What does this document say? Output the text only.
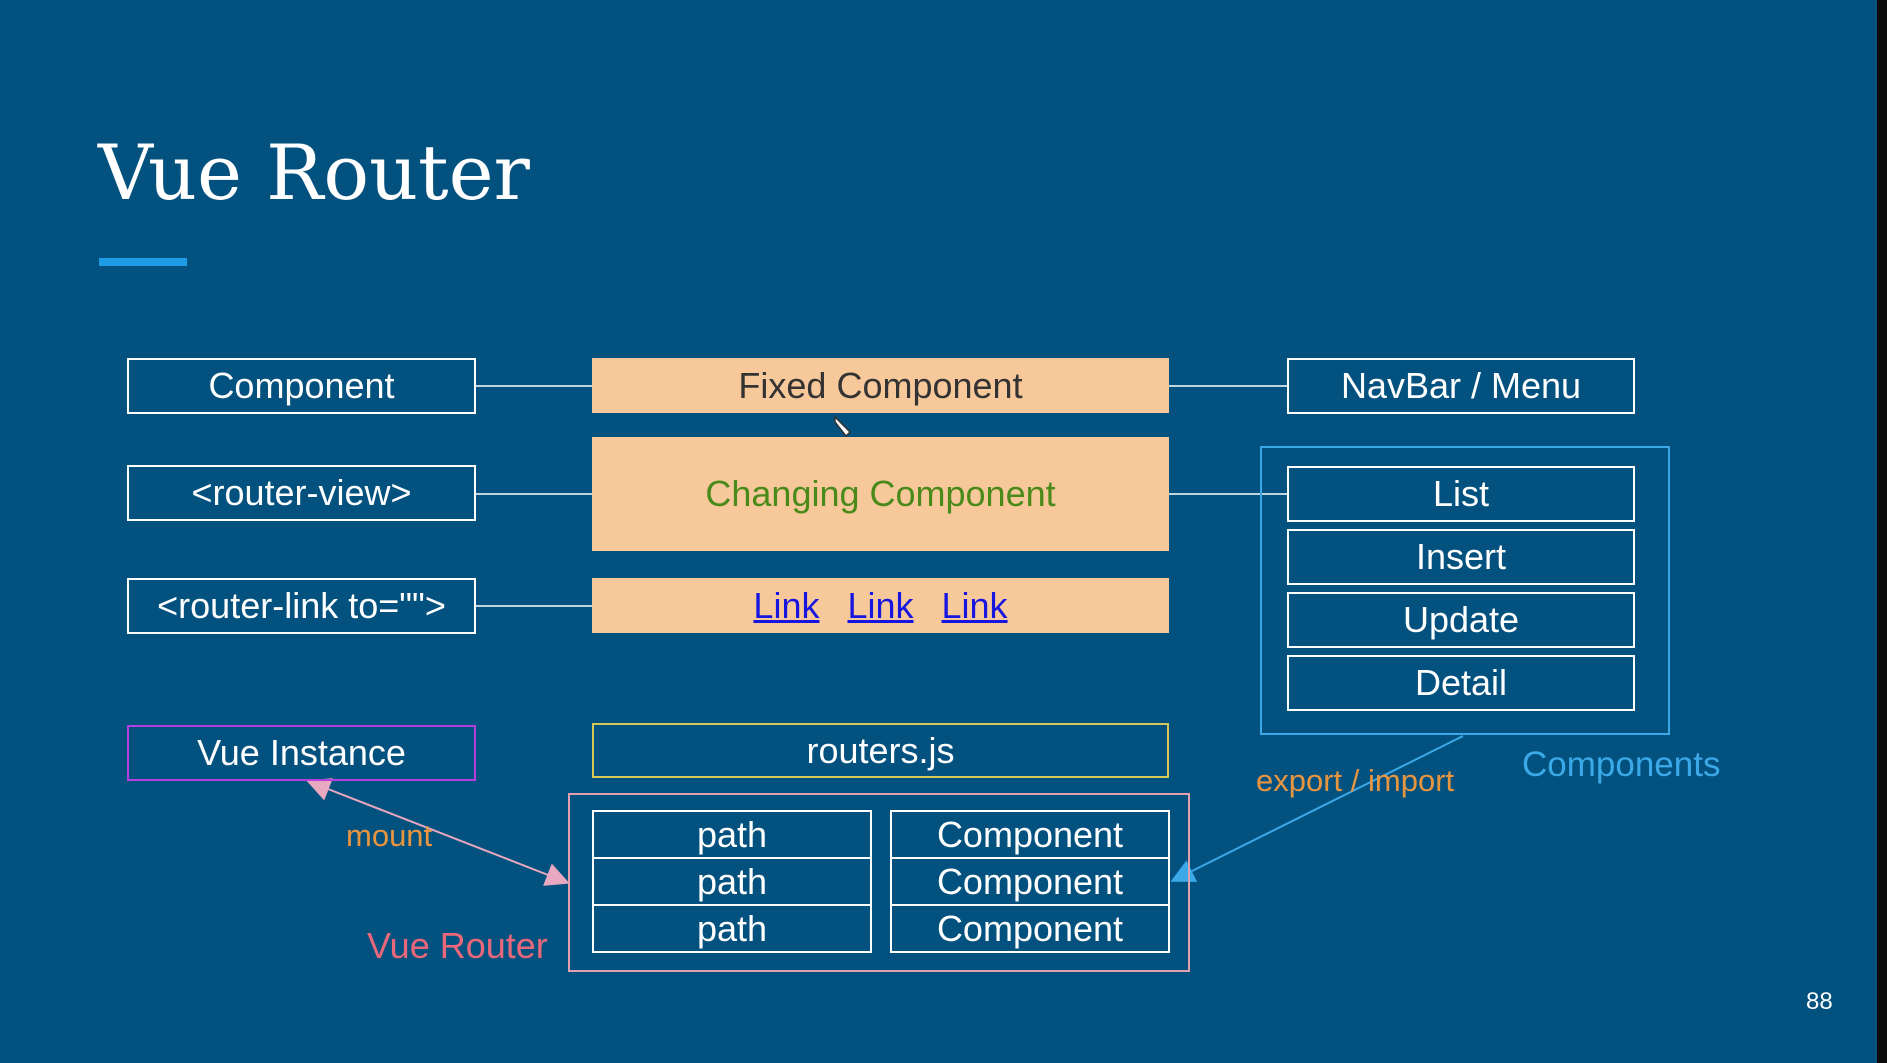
Vue Router
Component
<router-view>
<router-link to="">
Vue Instance
Fixed Component
Changing Component
Link Link Link
routers.js
path
path
path
Component
Component
Component
NavBar / Menu
List
Insert
Update
Detail
Components
export / import
mount
Vue Router
88
